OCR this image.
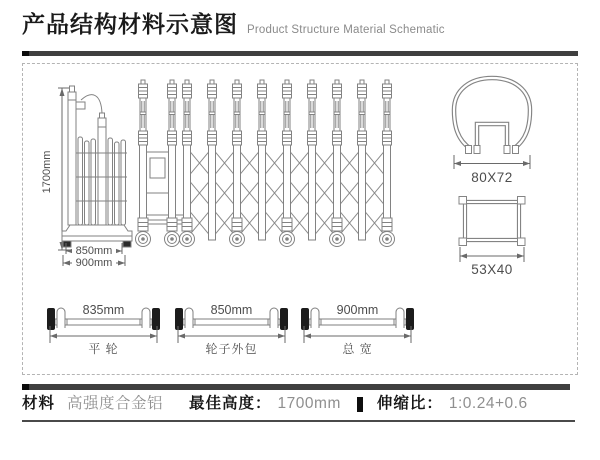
产品结构材料示意图 Product Structure Material Schematic
1700mm
850mm
900mm
80X72
53X40
835mm
平 轮
850mm
轮子外包
900mm
总 宽
材料 高强度合金铝 最佳高度： 1700mm 伸缩比： 1:0.24+0.6
